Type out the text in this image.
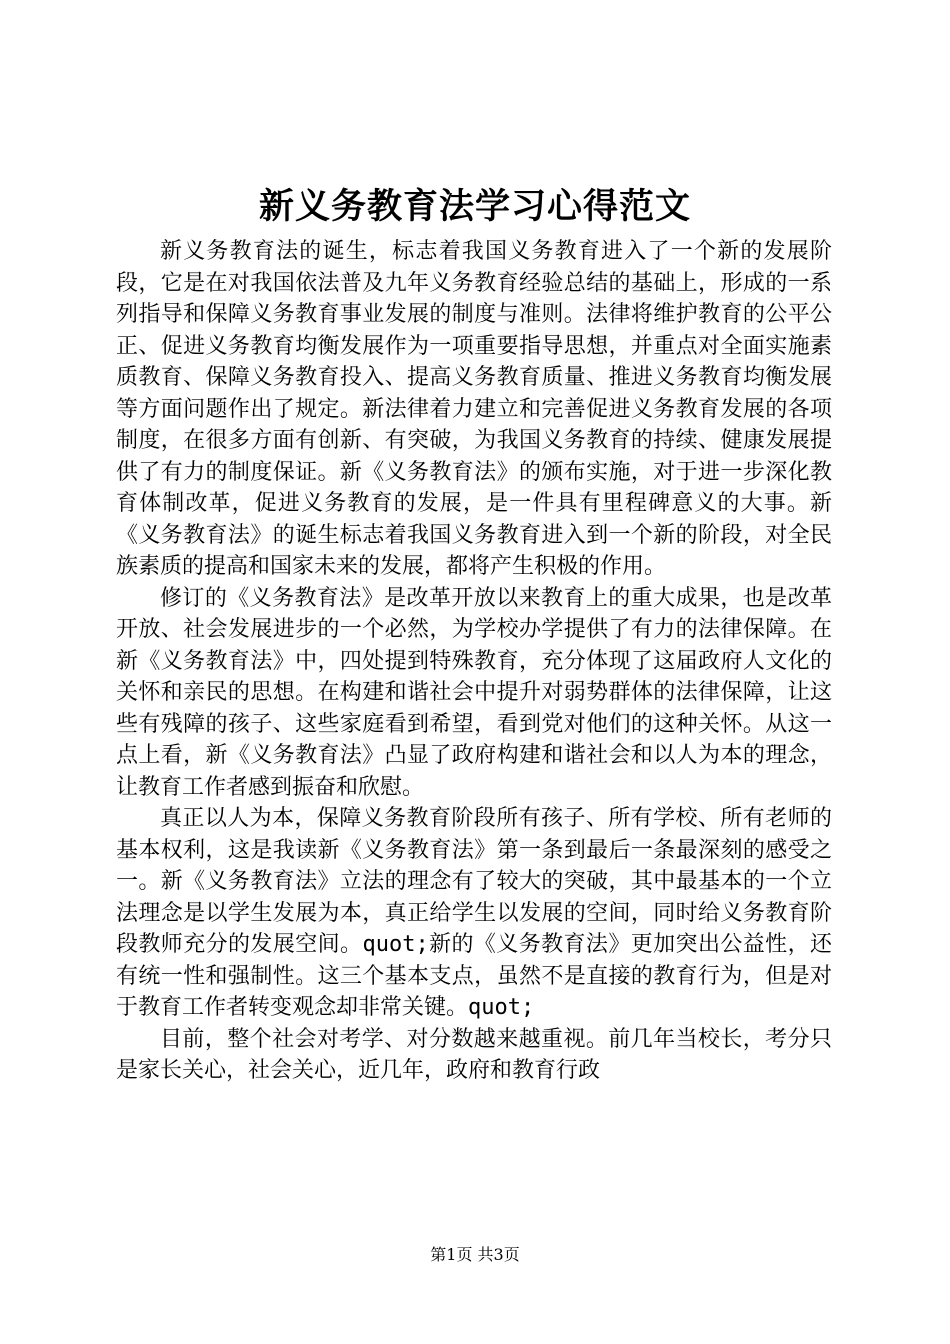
新义务教育法学习心得范文

新义务教育法的诞生，标志着我国义务教育进入了一个新的发展阶段，它是在对我国依法普及九年义务教育经验总结的基础上，形成的一系列指导和保障义务教育事业发展的制度与准则。法律将维护教育的公平公正、促进义务教育均衡发展作为一项重要指导思想，并重点对全面实施素质教育、保障义务教育投入、提高义务教育质量、推进义务教育均衡发展等方面问题作出了规定。新法律着力建立和完善促进义务教育发展的各项制度，在很多方面有创新、有突破，为我国义务教育的持续、健康发展提供了有力的制度保证。新《义务教育法》的颁布实施，对于进一步深化教育体制改革，促进义务教育的发展，是一件具有里程碑意义的大事。新《义务教育法》的诞生标志着我国义务教育进入到一个新的阶段，对全民族素质的提高和国家未来的发展，都将产生积极的作用。

修订的《义务教育法》是改革开放以来教育上的重大成果，也是改革开放、社会发展进步的一个必然，为学校办学提供了有力的法律保障。在新《义务教育法》中，四处提到特殊教育，充分体现了这届政府人文化的关怀和亲民的思想。在构建和谐社会中提升对弱势群体的法律保障，让这些有残障的孩子、这些家庭看到希望，看到党对他们的这种关怀。从这一点上看，新《义务教育法》凸显了政府构建和谐社会和以人为本的理念，让教育工作者感到振奋和欣慰。

真正以人为本，保障义务教育阶段所有孩子、所有学校、所有老师的基本权利，这是我读新《义务教育法》第一条到最后一条最深刻的感受之一。新《义务教育法》立法的理念有了较大的突破，其中最基本的一个立法理念是以学生发展为本，真正给学生以发展的空间，同时给义务教育阶段教师充分的发展空间。quot;新的《义务教育法》更加突出公益性，还有统一性和强制性。这三个基本支点，虽然不是直接的教育行为，但是对于教育工作者转变观念却非常关键。quot;

目前，整个社会对考学、对分数越来越重视。前几年当校长，考分只是家长关心，社会关心，近几年，政府和教育行政

第1页 共3页
